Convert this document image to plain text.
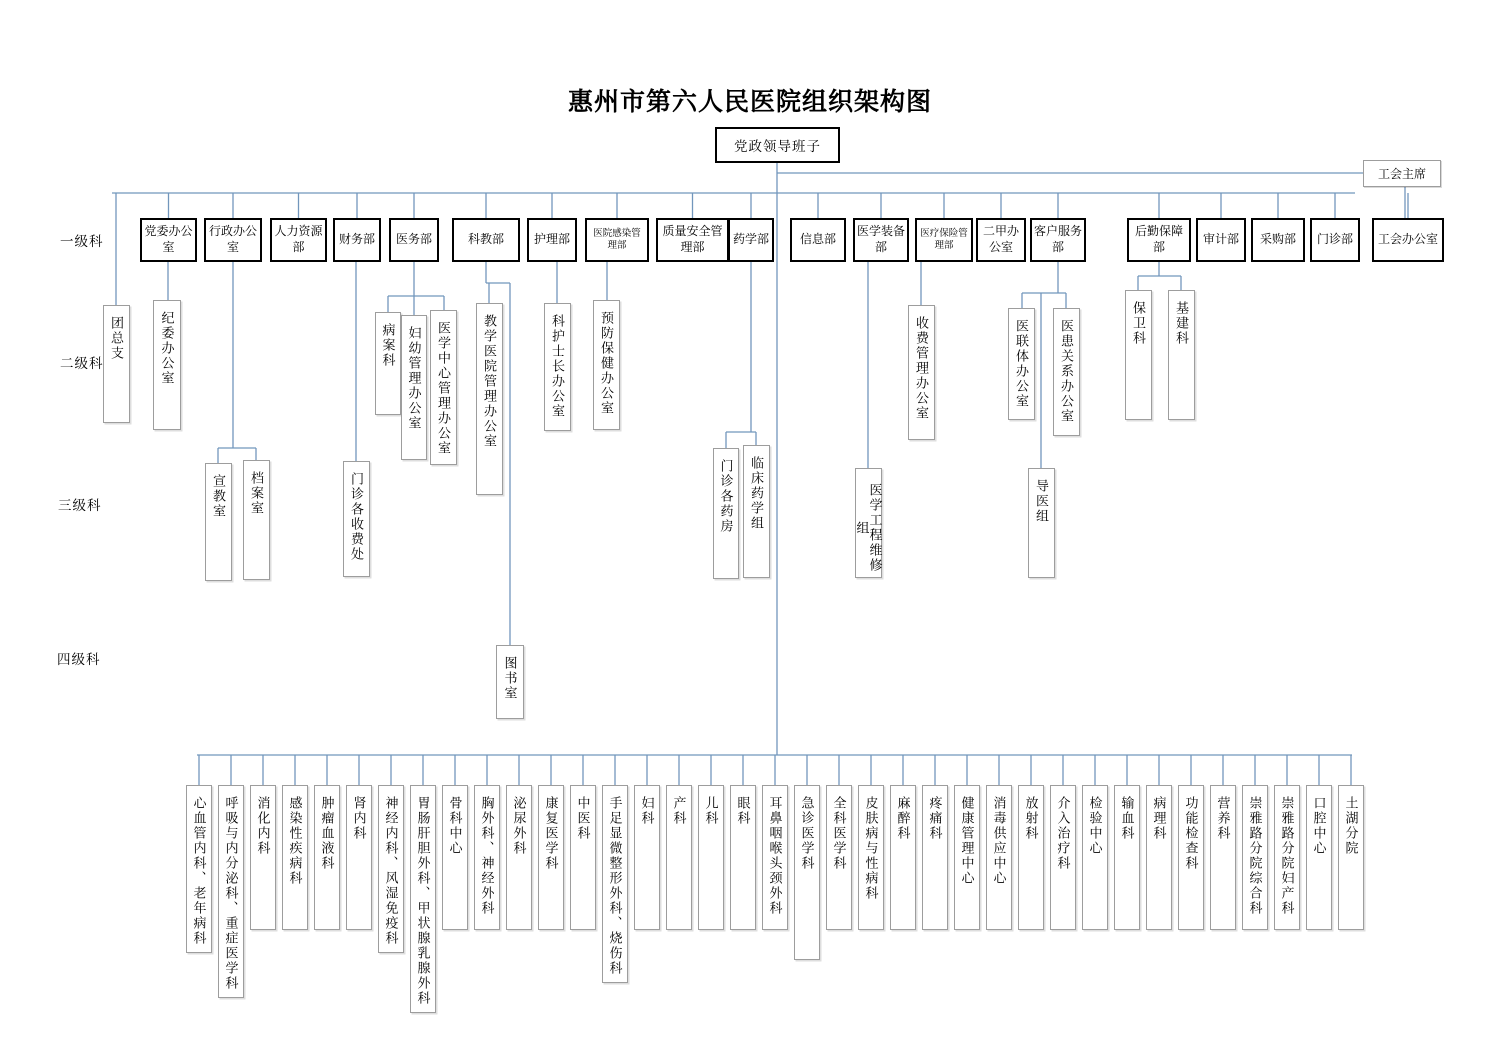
惠州市第六人民医院组织架构图
党政领导班子
工会主席
一级科
二级科
三级科
四级科
党委办公室
行政办公室
人力资源部
财务部	医务部	科教部	护理部	医院感染管理部
质量安全管理部
药学部	信息部
医学装备部
医疗保险管理部
二甲办公室
客户服务部
后勤保障部
审计部	采购部	门诊部	工会办公室
团总支	纪委办公室	病案科 妇幼管理办公室	医学中心管理办公室	教学医院管理办公室	科护士长办公室	预防保健办公室	收费管理办公室	医联体办公室	医患关系办公室	保卫科	基建科
宣教室	档案室	门诊各收费处	门诊各药房	临床药学组	医学工程维修组
导医组
图书室
心血管内科、老年病科	呼吸与内分泌科、重症医学科	消化内科	感染性疾病科	肿瘤血液科	肾内科	神经内科、风湿免疫科	胃肠肝胆外科、甲状腺乳腺外科	骨科中心	胸外科、神经外科	泌尿外科	康复医学科	中医科	手足显微整形外科、烧伤科	妇科	产科	儿科	眼科	耳鼻咽喉头颈外科	急诊医学科	全科医学科	皮肤病与性病科	麻醉科	疼痛科	健康管理中心	消毒供应中心	放射科	介入治疗科	检验中心	输血科	病理科	功能检查科	营养科	崇雅路分院综合科	崇雅路分院妇产科	口腔中心	土湖分院
